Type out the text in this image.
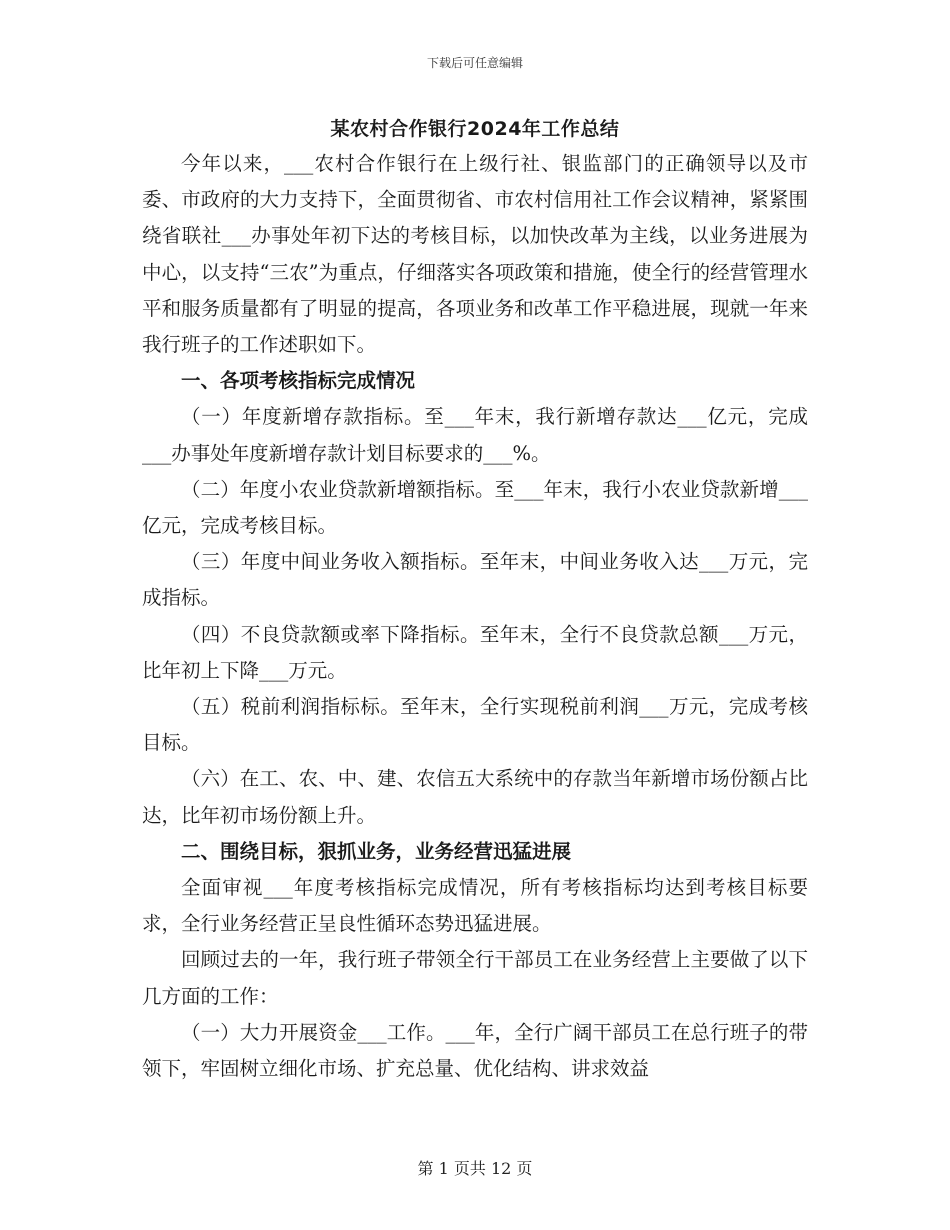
下载后可任意编辑
某农村合作银行2024年工作总结

今年以来，___农村合作银行在上级行社、银监部门的正确领导以及市委、市政府的大力支持下，全面贯彻省、市农村信用社工作会议精神，紧紧围绕省联社___办事处年初下达的考核目标，以加快改革为主线，以业务进展为中心，以支持“三农”为重点，仔细落实各项政策和措施，使全行的经营管理水平和服务质量都有了明显的提高，各项业务和改革工作平稳进展，现就一年来我行班子的工作述职如下。

一、各项考核指标完成情况

（一）年度新增存款指标。至___年末，我行新增存款达___亿元，完成___办事处年度新增存款计划目标要求的___%。

（二）年度小农业贷款新增额指标。至___年末，我行小农业贷款新增___亿元，完成考核目标。

（三）年度中间业务收入额指标。至年末，中间业务收入达___万元，完成指标。

（四）不良贷款额或率下降指标。至年末，全行不良贷款总额___万元，比年初上下降___万元。

（五）税前利润指标标。至年末，全行实现税前利润___万元，完成考核目标。

（六）在工、农、中、建、农信五大系统中的存款当年新增市场份额占比达，比年初市场份额上升。

二、围绕目标，狠抓业务，业务经营迅猛进展

全面审视___年度考核指标完成情况，所有考核指标均达到考核目标要求，全行业务经营正呈良性循环态势迅猛进展。

回顾过去的一年，我行班子带领全行干部员工在业务经营上主要做了以下几方面的工作：

（一）大力开展资金___工作。___年，全行广阔干部员工在总行班子的带领下，牢固树立细化市场、扩充总量、优化结构、讲求效益

第 1 页共 12 页
